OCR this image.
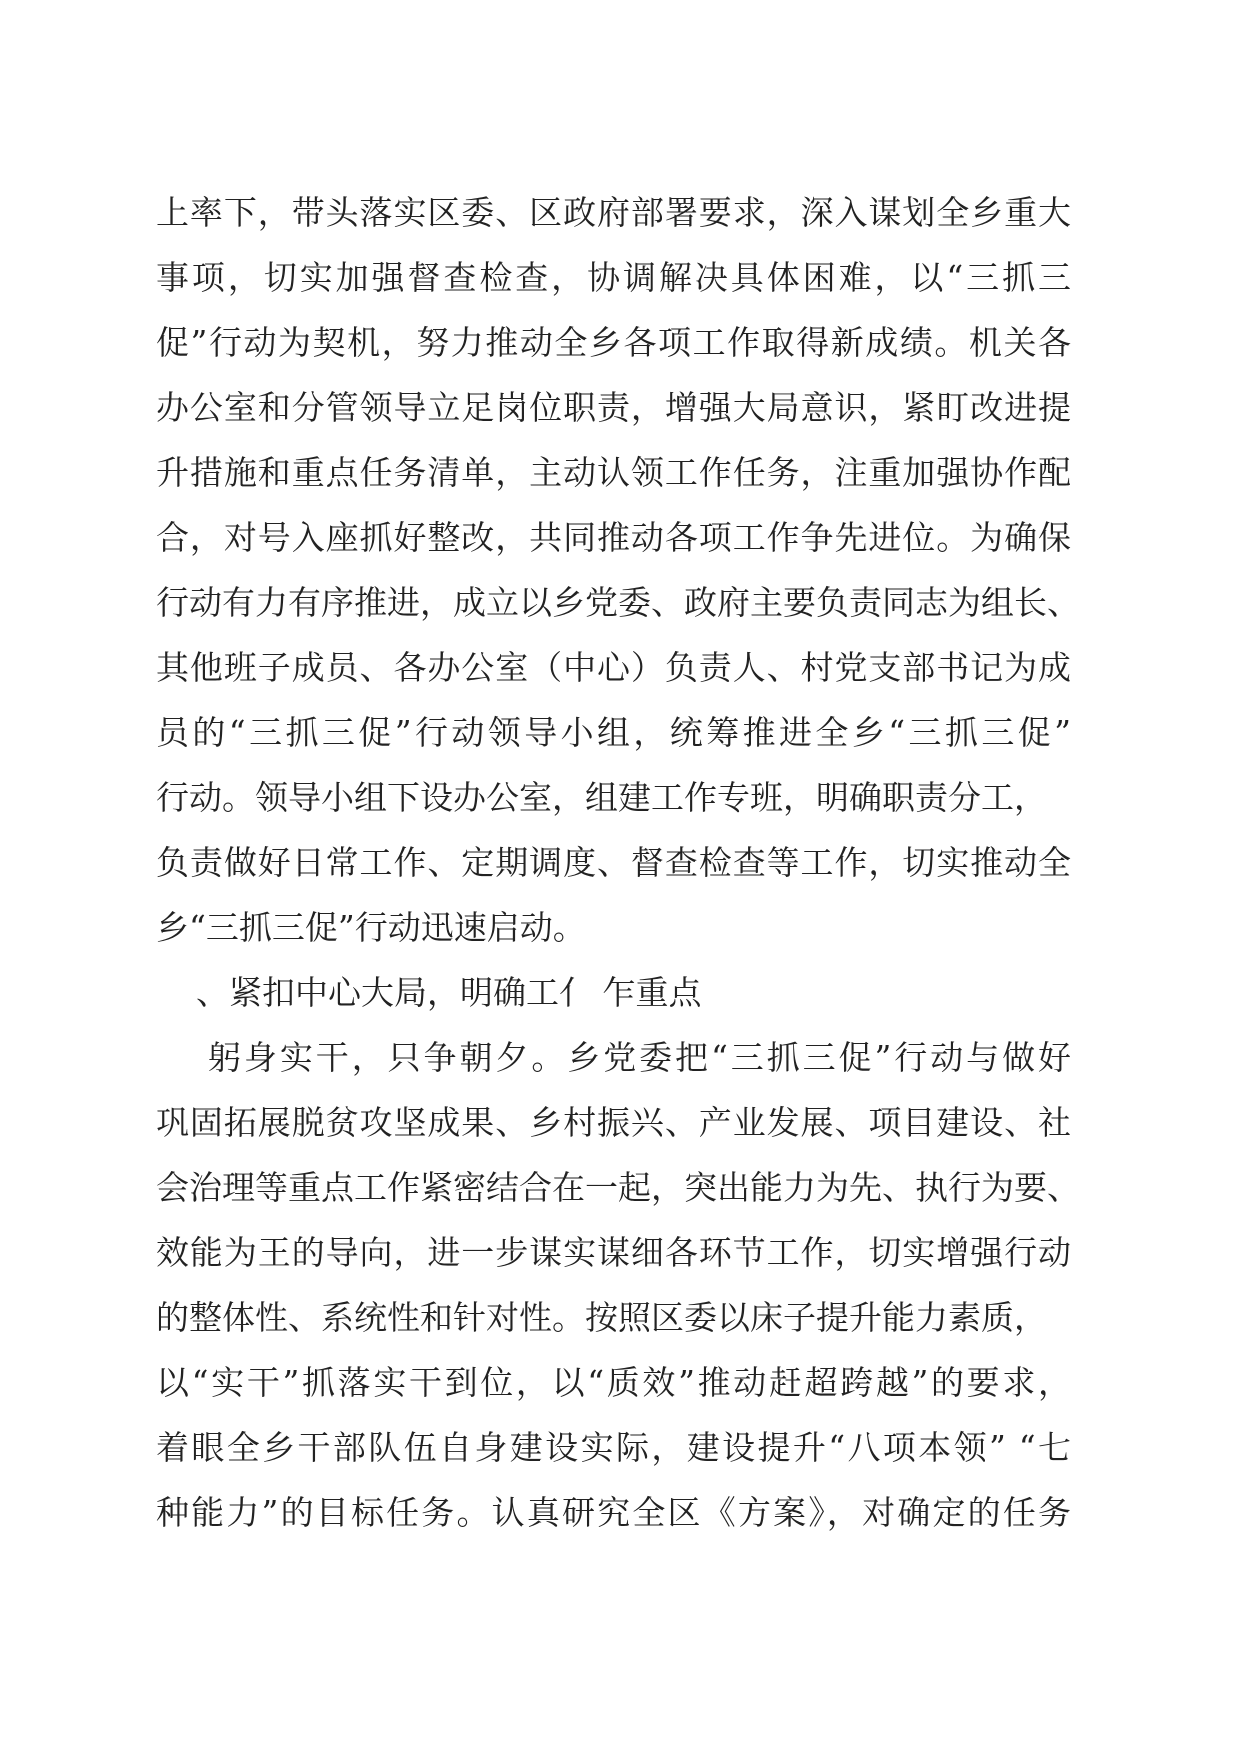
上率下，带头落实区委、区政府部署要求，深入谋划全乡重大
事项，切实加强督查检查，协调解决具体困难，以“三抓三
促”行动为契机，努力推动全乡各项工作取得新成绩。机关各
办公室和分管领导立足岗位职责，增强大局意识，紧盯改进提
升措施和重点任务清单，主动认领工作任务，注重加强协作配
合，对号入座抓好整改，共同推动各项工作争先进位。为确保
行动有力有序推进，成立以乡党委、政府主要负责同志为组长、
其他班子成员、各办公室（中心）负责人、村党支部书记为成
员的“三抓三促”行动领导小组，统筹推进全乡“三抓三促”
行动。领导小组下设办公室，组建工作专班，明确职责分工，
负责做好日常工作、定期调度、督查检查等工作，切实推动全
乡“三抓三促”行动迅速启动。
、紧扣中心大局，明确工亻 乍重点
躬身实干，只争朝夕。乡党委把“三抓三促”行动与做好
巩固拓展脱贫攻坚成果、乡村振兴、产业发展、项目建设、社
会治理等重点工作紧密结合在一起，突出能力为先、执行为要、
效能为王的导向，进一步谋实谋细各环节工作，切实增强行动
的整体性、系统性和针对性。按照区委以床子提升能力素质，
以“实干”抓落实干到位，以“质效”推动赶超跨越”的要求，
着眼全乡干部队伍自身建设实际，建设提升“八项本领” “七
种能力”的目标任务。认真研究全区《方案》，对确定的任务
